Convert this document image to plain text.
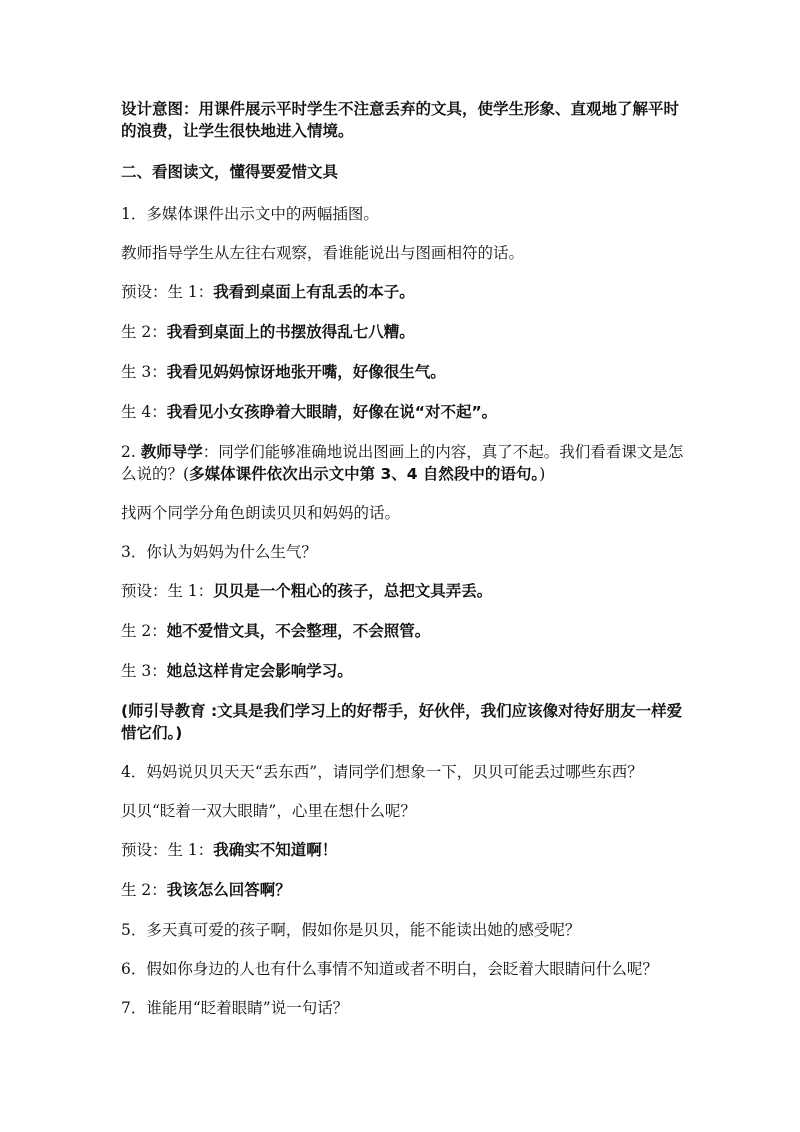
设计意图：用课件展示平时学生不注意丢弃的文具，使学生形象、直观地了解平时的浪费，让学生很快地进入情境。

二、看图读文，懂得要爱惜文具

1．多媒体课件出示文中的两幅插图。

教师指导学生从左往右观察，看谁能说出与图画相符的话。

预设：生 1：我看到桌面上有乱丢的本子。

生 2：我看到桌面上的书摆放得乱七八糟。

生 3：我看见妈妈惊讶地张开嘴，好像很生气。

生 4：我看见小女孩睁着大眼睛，好像在说“对不起”。

2. 教师导学：同学们能够准确地说出图画上的内容，真了不起。我们看看课文是怎么说的？(多媒体课件依次出示文中第 3、4 自然段中的语句。)

找两个同学分角色朗读贝贝和妈妈的话。

3．你认为妈妈为什么生气？

预设：生 1：贝贝是一个粗心的孩子，总把文具弄丢。

生 2：她不爱惜文具，不会整理，不会照管。

生 3：她总这样肯定会影响学习。

(师引导教育 :文具是我们学习上的好帮手，好伙伴，我们应该像对待好朋友一样爱惜它们。)

4．妈妈说贝贝天天“丢东西”，请同学们想象一下，贝贝可能丢过哪些东西？

贝贝“眨着一双大眼睛”，心里在想什么呢？

预设：生 1：我确实不知道啊！

生 2：我该怎么回答啊？

5．多天真可爱的孩子啊，假如你是贝贝，能不能读出她的感受呢？

6．假如你身边的人也有什么事情不知道或者不明白，会眨着大眼睛问什么呢？

7．谁能用“眨着眼睛”说一句话？
